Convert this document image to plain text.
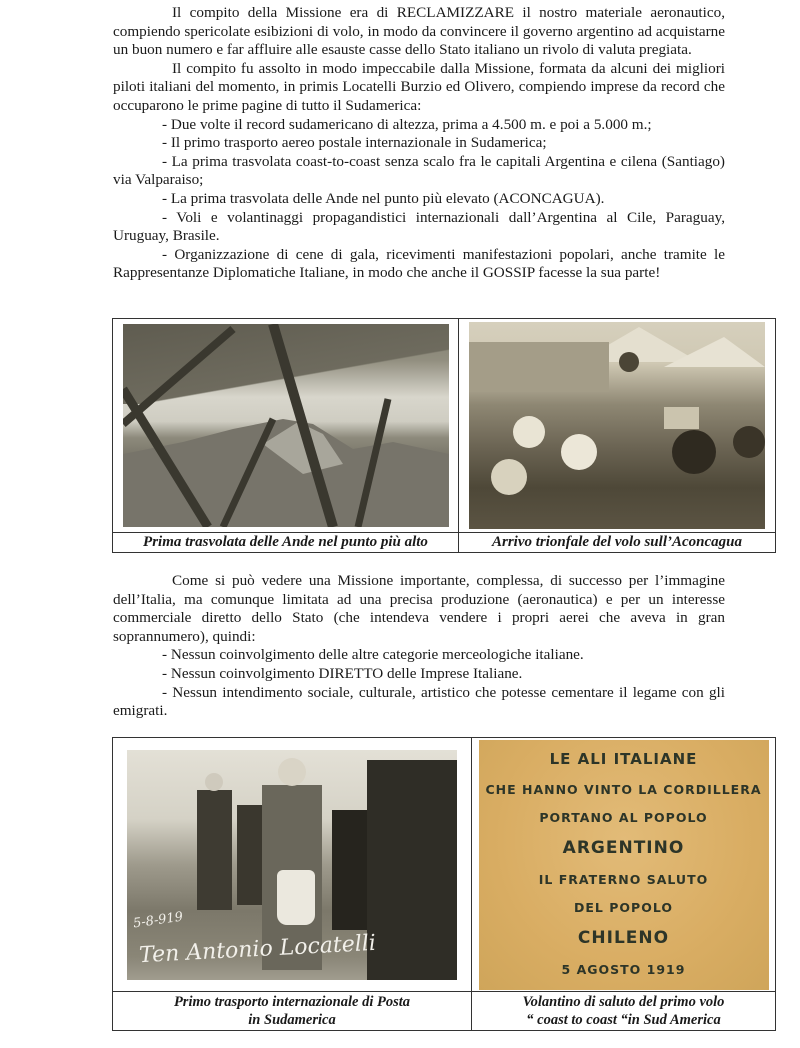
Il compito della Missione era di RECLAMIZZARE il nostro materiale aeronautico, compiendo spericolate esibizioni di volo, in modo da convincere il governo argentino ad acquistarne un buon numero e far affluire alle esauste casse dello Stato italiano un rivolo di valuta pregiata.

Il compito fu assolto in modo impeccabile dalla Missione, formata da alcuni dei migliori piloti italiani del momento, in primis Locatelli Burzio ed Olivero, compiendo imprese da record che occuparono le prime pagine di tutto il Sudamerica:

- Due volte il record sudamericano di altezza, prima a 4.500 m. e poi a 5.000 m.;

- Il primo trasporto aereo postale internazionale in Sudamerica;

- La prima trasvolata coast-to-coast senza scalo fra le capitali Argentina e cilena (Santiago) via Valparaiso;

- La prima trasvolata delle Ande nel punto più elevato (ACONCAGUA).

- Voli e volantinaggi propagandistici internazionali dall’Argentina al Cile, Paraguay, Uruguay, Brasile.

- Organizzazione di cene di gala, ricevimenti manifestazioni popolari, anche tramite le Rappresentanze Diplomatiche Italiane, in modo che anche il GOSSIP facesse la sua parte!

Prima trasvolata delle Ande nel punto più alto	Arrivo trionfale del volo sull’Aconcagua

Come si può vedere una Missione importante, complessa, di successo per l’immagine dell’Italia, ma comunque limitata ad una precisa produzione (aeronautica) e per un interesse commerciale diretto dello Stato (che intendeva vendere i propri aerei che aveva in gran soprannumero), quindi:

- Nessun coinvolgimento delle altre categorie merceologiche italiane.

- Nessun coinvolgimento DIRETTO delle Imprese Italiane.

- Nessun intendimento sociale, culturale, artistico che potesse cementare il legame con gli emigrati.

5-8-919
Ten Antonio Locatelli
LE ALI ITALIANE
CHE HANNO VINTO LA CORDILLERA
PORTANO AL POPOLO
ARGENTINO
IL FRATERNO SALUTO
DEL POPOLO
CHILENO
5 AGOSTO 1919
Primo trasporto internazionale di Posta
in Sudamerica
Volantino di saluto del primo volo
“ coast to coast “in Sud America
